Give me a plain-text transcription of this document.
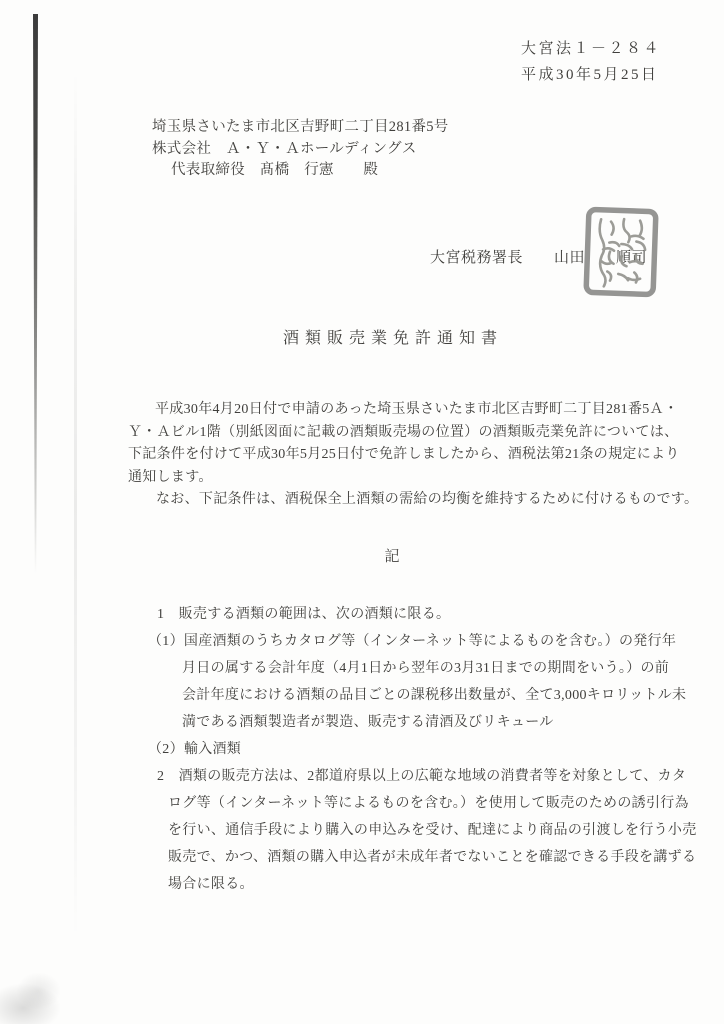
大宮法１－２８４
平成30年5月25日
埼玉県さいたま市北区吉野町二丁目281番5号
株式会社　Ａ・Ｙ・Ａホールディングス
代表取締役　髙橋　行憲　　殿
大宮税務署長　　山田　　順司
酒類販売業免許通知書
平成30年4月20日付で申請のあった埼玉県さいたま市北区吉野町二丁目281番5Ａ・
Ｙ・Ａビル1階（別紙図面に記載の酒類販売場の位置）の酒類販売業免許については、
下記条件を付けて平成30年5月25日付で免許しましたから、酒税法第21条の規定により
通知します。
なお、下記条件は、酒税保全上酒類の需給の均衡を維持するために付けるものです。
記
1　販売する酒類の範囲は、次の酒類に限る。
（1）国産酒類のうちカタログ等（インターネット等によるものを含む。）の発行年
月日の属する会計年度（4月1日から翌年の3月31日までの期間をいう。）の前
会計年度における酒類の品目ごとの課税移出数量が、全て3,000キロリットル未
満である酒類製造者が製造、販売する清酒及びリキュール
（2）輸入酒類
2　酒類の販売方法は、2都道府県以上の広範な地域の消費者等を対象として、カタ
ログ等（インターネット等によるものを含む。）を使用して販売のための誘引行為
を行い、通信手段により購入の申込みを受け、配達により商品の引渡しを行う小売
販売で、かつ、酒類の購入申込者が未成年者でないことを確認できる手段を講ずる
場合に限る。
